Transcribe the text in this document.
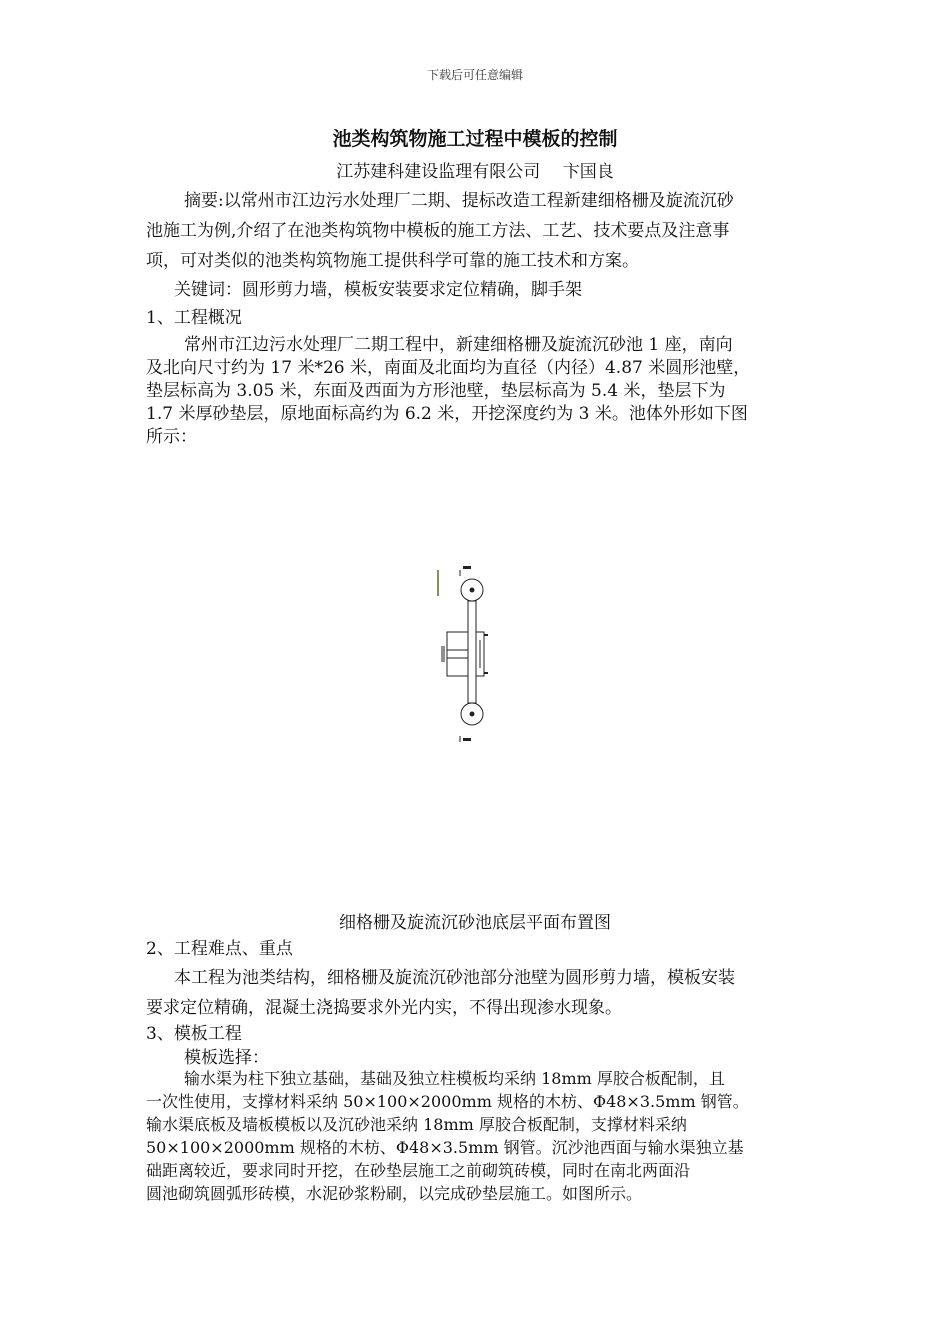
下载后可任意编辑
池类构筑物施工过程中模板的控制
江苏建科建设监理有限公司　 卞国良
摘要:以常州市江边污水处理厂二期、提标改造工程新建细格栅及旋流沉砂
池施工为例,介绍了在池类构筑物中模板的施工方法、工艺、技术要点及注意事
项，可对类似的池类构筑物施工提供科学可靠的施工技术和方案。
关键词：圆形剪力墙，模板安装要求定位精确，脚手架
1、工程概况
常州市江边污水处理厂二期工程中，新建细格栅及旋流沉砂池 1 座，南向
及北向尺寸约为 17 米*26 米，南面及北面均为直径（内径）4.87 米圆形池壁，
垫层标高为 3.05 米，东面及西面为方形池壁，垫层标高为 5.4 米，垫层下为
1.7 米厚砂垫层，原地面标高约为 6.2 米，开挖深度约为 3 米。池体外形如下图
所示：
细格栅及旋流沉砂池底层平面布置图
2、工程难点、重点
本工程为池类结构，细格栅及旋流沉砂池部分池壁为圆形剪力墙，模板安装
要求定位精确，混凝土浇捣要求外光内实，不得出现渗水现象。
3、模板工程
模板选择：
输水渠为柱下独立基础，基础及独立柱模板均采纳 18mm 厚胶合板配制，且
一次性使用，支撑材料采纳 50×100×2000mm 规格的木枋、Φ48×3.5mm 钢管。
输水渠底板及墙板模板以及沉砂池采纳 18mm 厚胶合板配制，支撑材料采纳
50×100×2000mm 规格的木枋、Φ48×3.5mm 钢管。沉沙池西面与输水渠独立基
础距离较近，要求同时开挖，在砂垫层施工之前砌筑砖模，同时在南北两面沿
圆池砌筑圆弧形砖模，水泥砂浆粉刷，以完成砂垫层施工。如图所示。
